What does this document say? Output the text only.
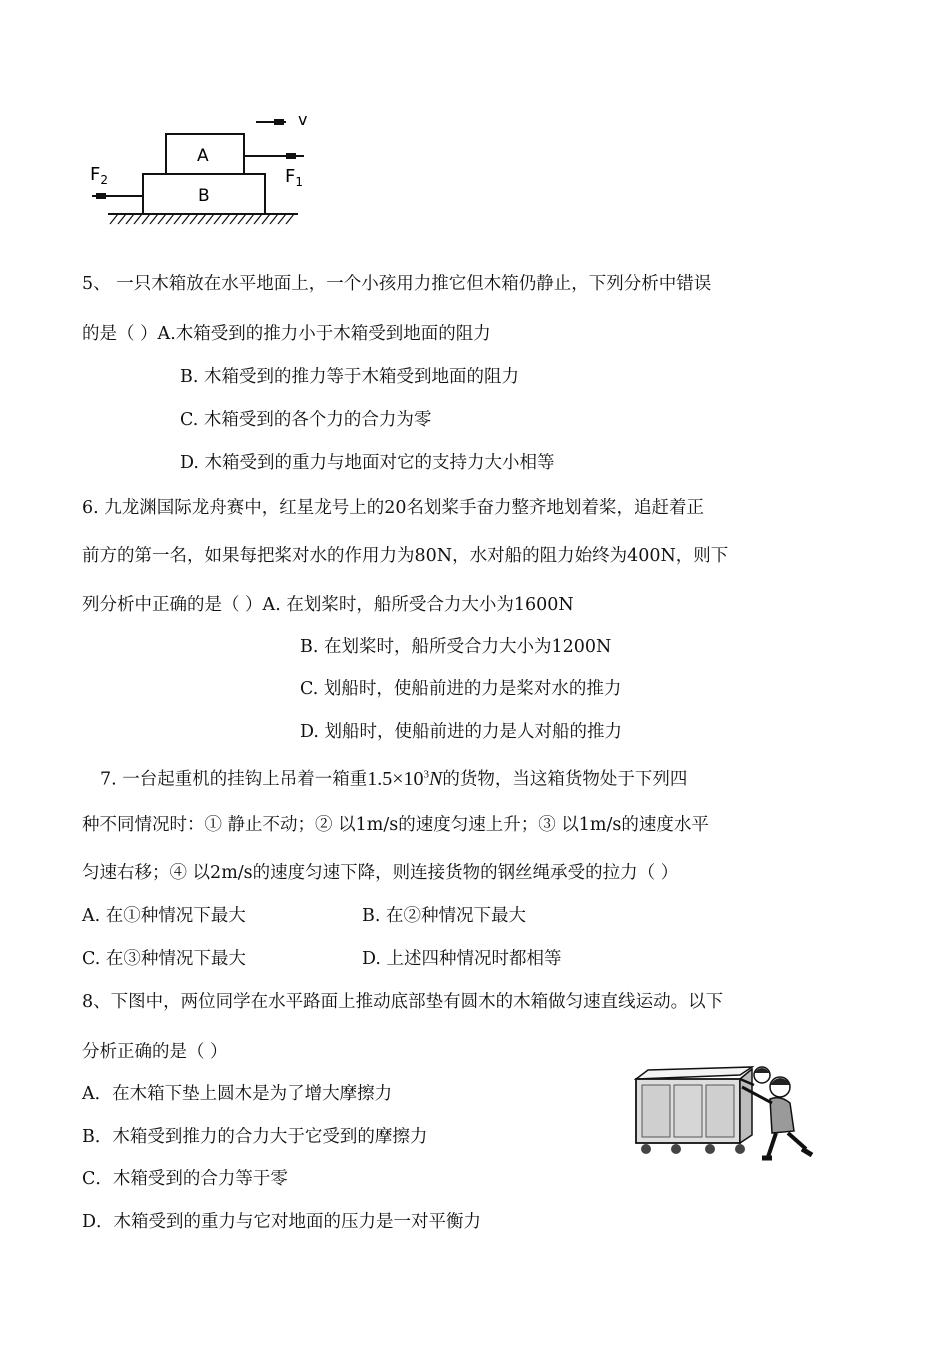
B
A
v
$F_1$
$F_2$
5、 一只木箱放在水平地面上，一个小孩用力推它但木箱仍静止，下列分析中错误
的是（ ）A.木箱受到的推力小于木箱受到地面的阻力
B. 木箱受到的推力等于木箱受到地面的阻力
C. 木箱受到的各个力的合力为零
D. 木箱受到的重力与地面对它的支持力大小相等
6. 九龙渊国际龙舟赛中，红星龙号上的20名划桨手奋力整齐地划着桨，追赶着正
前方的第一名，如果每把桨对水的作用力为80N，水对船的阻力始终为400N，则下
列分析中正确的是（ ）A. 在划桨时，船所受合力大小为1600N
B. 在划桨时，船所受合力大小为1200N
C. 划船时，使船前进的力是桨对水的推力
D. 划船时，使船前进的力是人对船的推力
7. 一台起重机的挂钩上吊着一箱重$1.5\times 10^3N$的货物，当这箱货物处于下列四
种不同情况时：① 静止不动；② 以1m/s的速度匀速上升；③ 以1m/s的速度水平
匀速右移；④ 以2m/s的速度匀速下降，则连接货物的钢丝绳承受的拉力（ ）
A. 在①种情况下最大	B. 在②种情况下最大
C. 在③种情况下最大	D. 上述四种情况时都相等
8、下图中，两位同学在水平路面上推动底部垫有圆木的木箱做匀速直线运动。以下
分析正确的是（ ）
A．在木箱下垫上圆木是为了增大摩擦力
B．木箱受到推力的合力大于它受到的摩擦力
C．木箱受到的合力等于零
D．木箱受到的重力与它对地面的压力是一对平衡力
